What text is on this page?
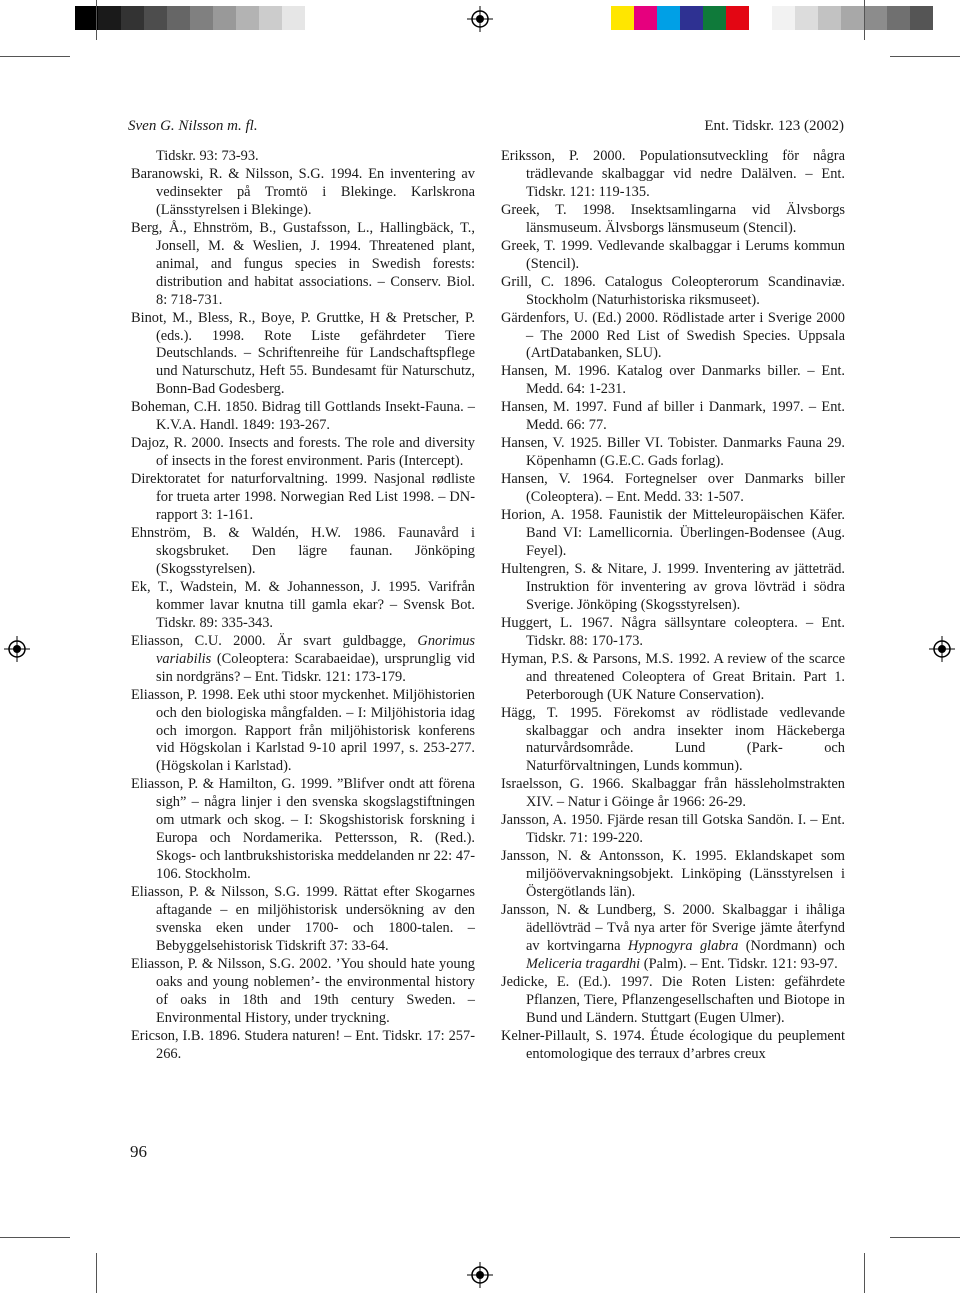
Sven G. Nilsson m. fl.	Ent. Tidskr. 123 (2002)
Tidskr. 93: 73-93.
Baranowski, R. & Nilsson, S.G. 1994. En inventering av vedinsekter på Tromtö i Blekinge. Karlskrona (Länsstyrelsen i Blekinge).
Berg, Å., Ehnström, B., Gustafsson, L., Hallingbäck, T., Jonsell, M. & Weslien, J. 1994. Threatened plant, animal, and fungus species in Swedish forests: distribution and habitat associations. – Conserv. Biol. 8: 718-731.
Binot, M., Bless, R., Boye, P. Gruttke, H & Pretscher, P. (eds.). 1998. Rote Liste gefährdeter Tiere Deutschlands. – Schriftenreihe für Landschaftspflege und Naturschutz, Heft 55. Bundesamt für Naturschutz, Bonn-Bad Godesberg.
Boheman, C.H. 1850. Bidrag till Gottlands Insekt-Fauna. – K.V.A. Handl. 1849: 193-267.
Dajoz, R. 2000. Insects and forests. The role and diversity of insects in the forest environment. Paris (Intercept).
Direktoratet for naturforvaltning. 1999. Nasjonal rødliste for trueta arter 1998. Norwegian Red List 1998. – DN-rapport 3: 1-161.
Ehnström, B. & Waldén, H.W. 1986. Faunavård i skogsbruket. Den lägre faunan. Jönköping (Skogsstyrelsen).
Ek, T., Wadstein, M. & Johannesson, J. 1995. Varifrån kommer lavar knutna till gamla ekar? – Svensk Bot. Tidskr. 89: 335-343.
Eliasson, C.U. 2000. Är svart guldbagge, Gnorimus variabilis (Coleoptera: Scarabaeidae), ursprunglig vid sin nordgräns? – Ent. Tidskr. 121: 173-179.
Eliasson, P. 1998. Eek uthi stoor myckenhet. Miljöhistorien och den biologiska mångfalden. – I: Miljöhistoria idag och imorgon. Rapport från miljöhistorisk konferens vid Högskolan i Karlstad 9-10 april 1997, s. 253-277. (Högskolan i Karlstad).
Eliasson, P. & Hamilton, G. 1999. ”Blifver ondt att förena sigh” – några linjer i den svenska skogslagstiftningen om utmark och skog. – I: Skogshistorisk forskning i Europa och Nordamerika. Pettersson, R. (Red.). Skogs- och lantbrukshistoriska meddelanden nr 22: 47-106. Stockholm.
Eliasson, P. & Nilsson, S.G. 1999. Rättat efter Skogarnes aftagande – en miljöhistorisk undersökning av den svenska eken under 1700- och 1800-talen. – Bebyggelsehistorisk Tidskrift 37: 33-64.
Eliasson, P. & Nilsson, S.G. 2002. ’You should hate young oaks and young noblemen’- the environmental history of oaks in 18th and 19th century Sweden. – Environmental History, under tryckning.
Ericson, I.B. 1896. Studera naturen! – Ent. Tidskr. 17: 257-266.
Eriksson, P. 2000. Populationsutveckling för några trädlevande skalbaggar vid nedre Dalälven. – Ent. Tidskr. 121: 119-135.
Greek, T. 1998. Insektsamlingarna vid Älvsborgs länsmuseum. Älvsborgs länsmuseum (Stencil).
Greek, T. 1999. Vedlevande skalbaggar i Lerums kommun (Stencil).
Grill, C. 1896. Catalogus Coleopterorum Scandinaviæ. Stockholm (Naturhistoriska riksmuseet).
Gärdenfors, U. (Ed.) 2000. Rödlistade arter i Sverige 2000 – The 2000 Red List of Swedish Species. Uppsala (ArtDatabanken, SLU).
Hansen, M. 1996. Katalog over Danmarks biller. – Ent. Medd. 64: 1-231.
Hansen, M. 1997. Fund af biller i Danmark, 1997. – Ent. Medd. 66: 77.
Hansen, V. 1925. Biller VI. Tobister. Danmarks Fauna 29. Köpenhamn (G.E.C. Gads forlag).
Hansen, V. 1964. Fortegnelser over Danmarks biller (Coleoptera). – Ent. Medd. 33: 1-507.
Horion, A. 1958. Faunistik der Mitteleuropäischen Käfer. Band VI: Lamellicornia. Überlingen-Bodensee (Aug. Feyel).
Hultengren, S. & Nitare, J. 1999. Inventering av jätteträd. Instruktion för inventering av grova lövträd i södra Sverige. Jönköping (Skogsstyrelsen).
Huggert, L. 1967. Några sällsyntare coleoptera. – Ent. Tidskr. 88: 170-173.
Hyman, P.S. & Parsons, M.S. 1992. A review of the scarce and threatened Coleoptera of Great Britain. Part 1. Peterborough (UK Nature Conservation).
Hägg, T. 1995. Förekomst av rödlistade vedlevande skalbaggar och andra insekter inom Häckeberga naturvårdsområde. Lund (Park- och Naturförvaltningen, Lunds kommun).
Israelsson, G. 1966. Skalbaggar från hässleholmstrakten XIV. – Natur i Göinge år 1966: 26-29.
Jansson, A. 1950. Fjärde resan till Gotska Sandön. I. – Ent. Tidskr. 71: 199-220.
Jansson, N. & Antonsson, K. 1995. Eklandskapet som miljöövervakningsobjekt. Linköping (Länsstyrelsen i Östergötlands län).
Jansson, N. & Lundberg, S. 2000. Skalbaggar i ihåliga ädellövträd – Två nya arter för Sverige jämte återfynd av kortvingarna Hypnogyra glabra (Nordmann) och Meliceria tragardhi (Palm). – Ent. Tidskr. 121: 93-97.
Jedicke, E. (Ed.). 1997. Die Roten Listen: gefährdete Pflanzen, Tiere, Pflanzengesellschaften und Biotope in Bund und Ländern. Stuttgart (Eugen Ulmer).
Kelner-Pillault, S. 1974. Étude écologique du peuplement entomologique des terraux d’arbres creux
96
